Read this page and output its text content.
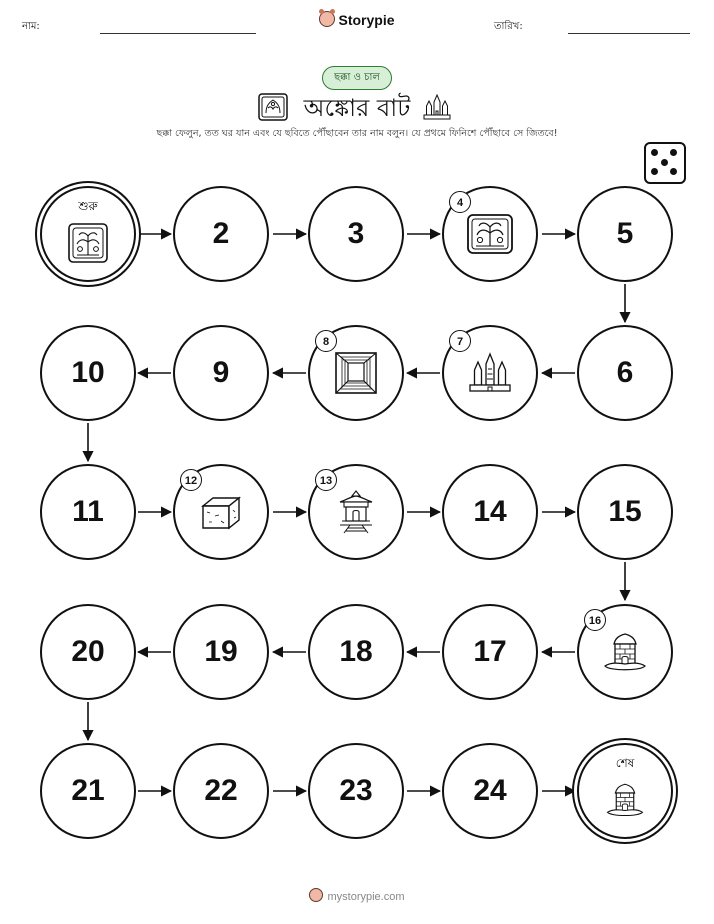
নাম:	Storypie	তারিখ:
ছক্কা ও চাল
অঙ্কোর বাট
ছক্কা ফেলুন, তত ঘর যান এবং যে ছবিতে পৌঁছাবেন তার নাম বলুন। যে প্রথমে ফিনিশে পৌঁছাবে সে জিতবে!
শুরু
2	3
4
5
10	9
8	7
6
11
12	13
14	15
20	19	18	17
16
21	22	23	24
শেষ
mystorypie.com
